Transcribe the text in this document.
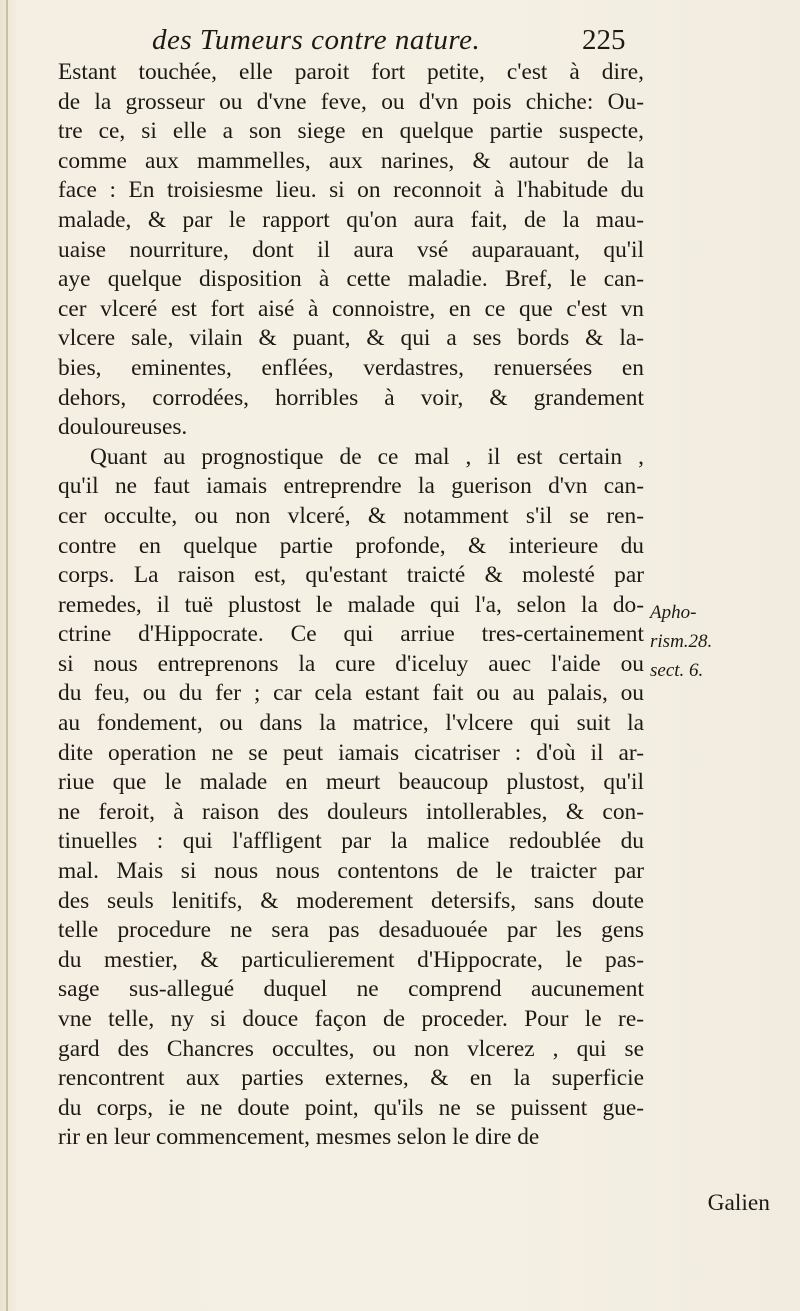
des Tumeurs contre nature.	225
Estant touchée, elle paroit fort petite, c'est à dire,
de la grosseur ou d'vne feve, ou d'vn pois chiche: Ou-
tre ce, si elle a son siege en quelque partie suspecte,
comme aux mammelles, aux narines, & autour de la
face : En troisiesme lieu. si on reconnoit à l'habitude du
malade, & par le rapport qu'on aura fait, de la mau-
uaise nourriture, dont il aura vsé auparauant, qu'il
aye quelque disposition à cette maladie. Bref, le can-
cer vlceré est fort aisé à connoistre, en ce que c'est vn
vlcere sale, vilain & puant, & qui a ses bords & la-
bies, eminentes, enflées, verdastres, renuersées en
dehors, corrodées, horribles à voir, & grandement
douloureuses.
Quant au prognostique de ce mal , il est certain ,
qu'il ne faut iamais entreprendre la guerison d'vn can-
cer occulte, ou non vlceré, & notamment s'il se ren-
contre en quelque partie profonde, & interieure du
corps. La raison est, qu'estant traicté & molesté par
remedes, il tuë plustost le malade qui l'a, selon la do-
ctrine d'Hippocrate. Ce qui arriue tres-certainement
si nous entreprenons la cure d'iceluy auec l'aide ou
du feu, ou du fer ; car cela estant fait ou au palais, ou
au fondement, ou dans la matrice, l'vlcere qui suit la
dite operation ne se peut iamais cicatriser : d'où il ar-
riue que le malade en meurt beaucoup plustost, qu'il
ne feroit, à raison des douleurs intollerables, & con-
tinuelles : qui l'affligent par la malice redoublée du
mal. Mais si nous nous contentons de le traicter par
des seuls lenitifs, & moderement detersifs, sans doute
telle procedure ne sera pas desaduouée par les gens
du mestier, & particulierement d'Hippocrate, le pas-
sage sus-allegué duquel ne comprend aucunement
vne telle, ny si douce façon de proceder. Pour le re-
gard des Chancres occultes, ou non vlcerez , qui se
rencontrent aux parties externes, & en la superficie
du corps, ie ne doute point, qu'ils ne se puissent gue-
rir en leur commencement, mesmes selon le dire de
Apho-
rism.28.
sect. 6.
Galien
